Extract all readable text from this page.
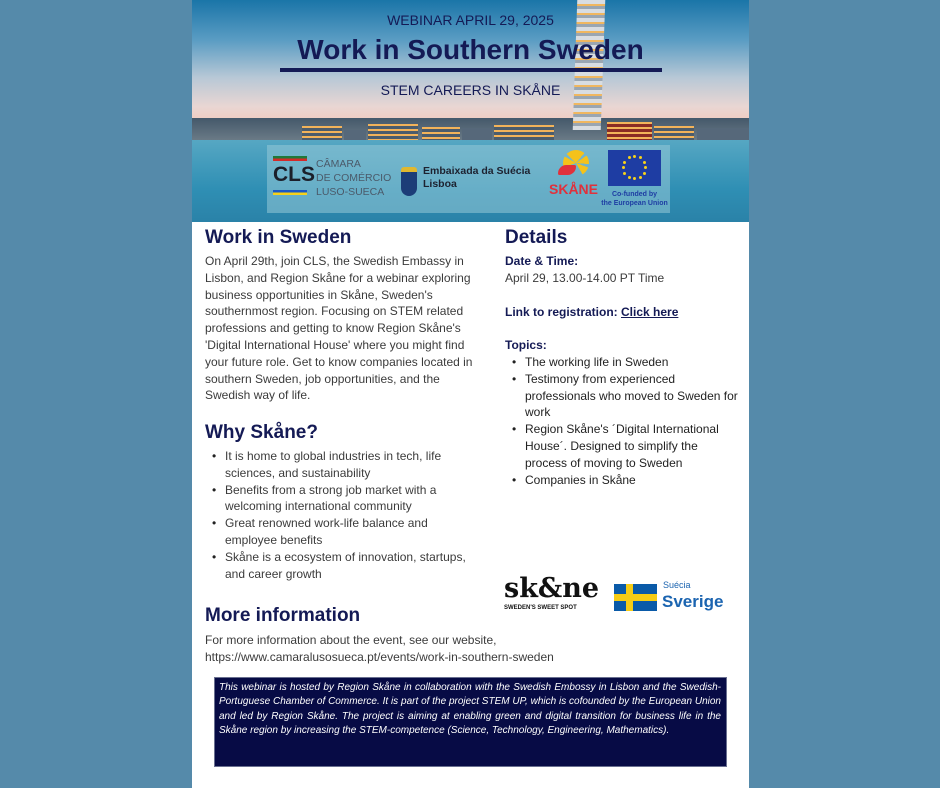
WEBINAR APRIL 29, 2025
Work in Southern Sweden
STEM CAREERS IN SKÅNE
CLS CÂMARA
DE COMÉRCIO
LUSO-SUECA
Embaixada da Suécia
Lisboa	SKÅNE	Co-funded by
the European Union
Work in Sweden
On April 29th, join CLS, the Swedish Embassy in Lisbon, and Region Skåne for a webinar exploring business opportunities in Skåne, Sweden's southernmost region. Focusing on STEM related professions and getting to know Region Skåne's 'Digital International House' where you might find your future role. Get to know companies located in southern Sweden, job opportunities, and the Swedish way of life.
Why Skåne?
• It is home to global industries in tech, life sciences, and sustainability
• Benefits from a strong job market with a welcoming international community
• Great renowned work-life balance and employee benefits
• Skåne is a ecosystem of innovation, startups, and career growth
Details
Date & Time:
April 29, 13.00-14.00 PT Time
Link to registration: Click here
Topics:
• The working life in Sweden
• Testimony from experienced professionals who moved to Sweden for work
• Region Skåne's ´Digital International House´. Designed to simplify the process of moving to Sweden
• Companies in Skåne
sk&ne
SWEDEN'S SWEET SPOT
Suécia
Sverige
More information
For more information about the event, see our website,
https://www.camaralusosueca.pt/events/work-in-southern-sweden
This webinar is hosted by Region Skåne in collaboration with the Swedish Embossy in Lisbon and the Swedish-Portuguese Chamber of Commerce. It is part of the project STEM UP, which is cofounded by the European Union and led by Region Skåne. The project is aiming at enabling green and digital transition for business life in the Skåne region by increasing the STEM-competence (Science, Technology, Engineering, Mathematics).
